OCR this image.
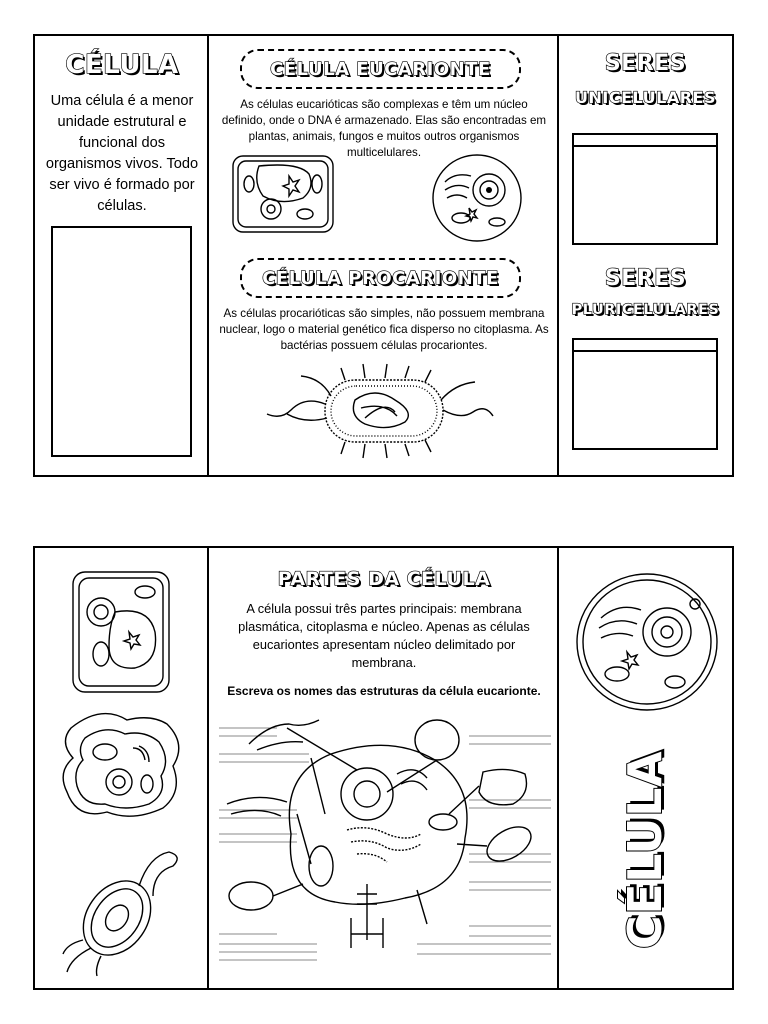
CÉLULA
Uma célula é a menor unidade estrutural e funcional dos organismos vivos. Todo ser vivo é formado por células.
CÉLULA EUCARIONTE
As células eucarióticas são complexas e têm um núcleo definido, onde o DNA é armazenado. Elas são encontradas em plantas, animais, fungos e muitos outros organismos multicelulares.
CÉLULA PROCARIONTE
As células procarióticas são simples, não possuem membrana nuclear, logo o material genético fica disperso no citoplasma. As bactérias possuem células procariontes.
SERES
UNICELULARES
SERES
PLURICELULARES
PARTES DA CÉLULA
A célula possui três partes principais: membrana plasmática, citoplasma e núcleo. Apenas as células eucariontes apresentam núcleo delimitado por membrana.
Escreva os nomes das estruturas da célula eucarionte.
CÉLULA
